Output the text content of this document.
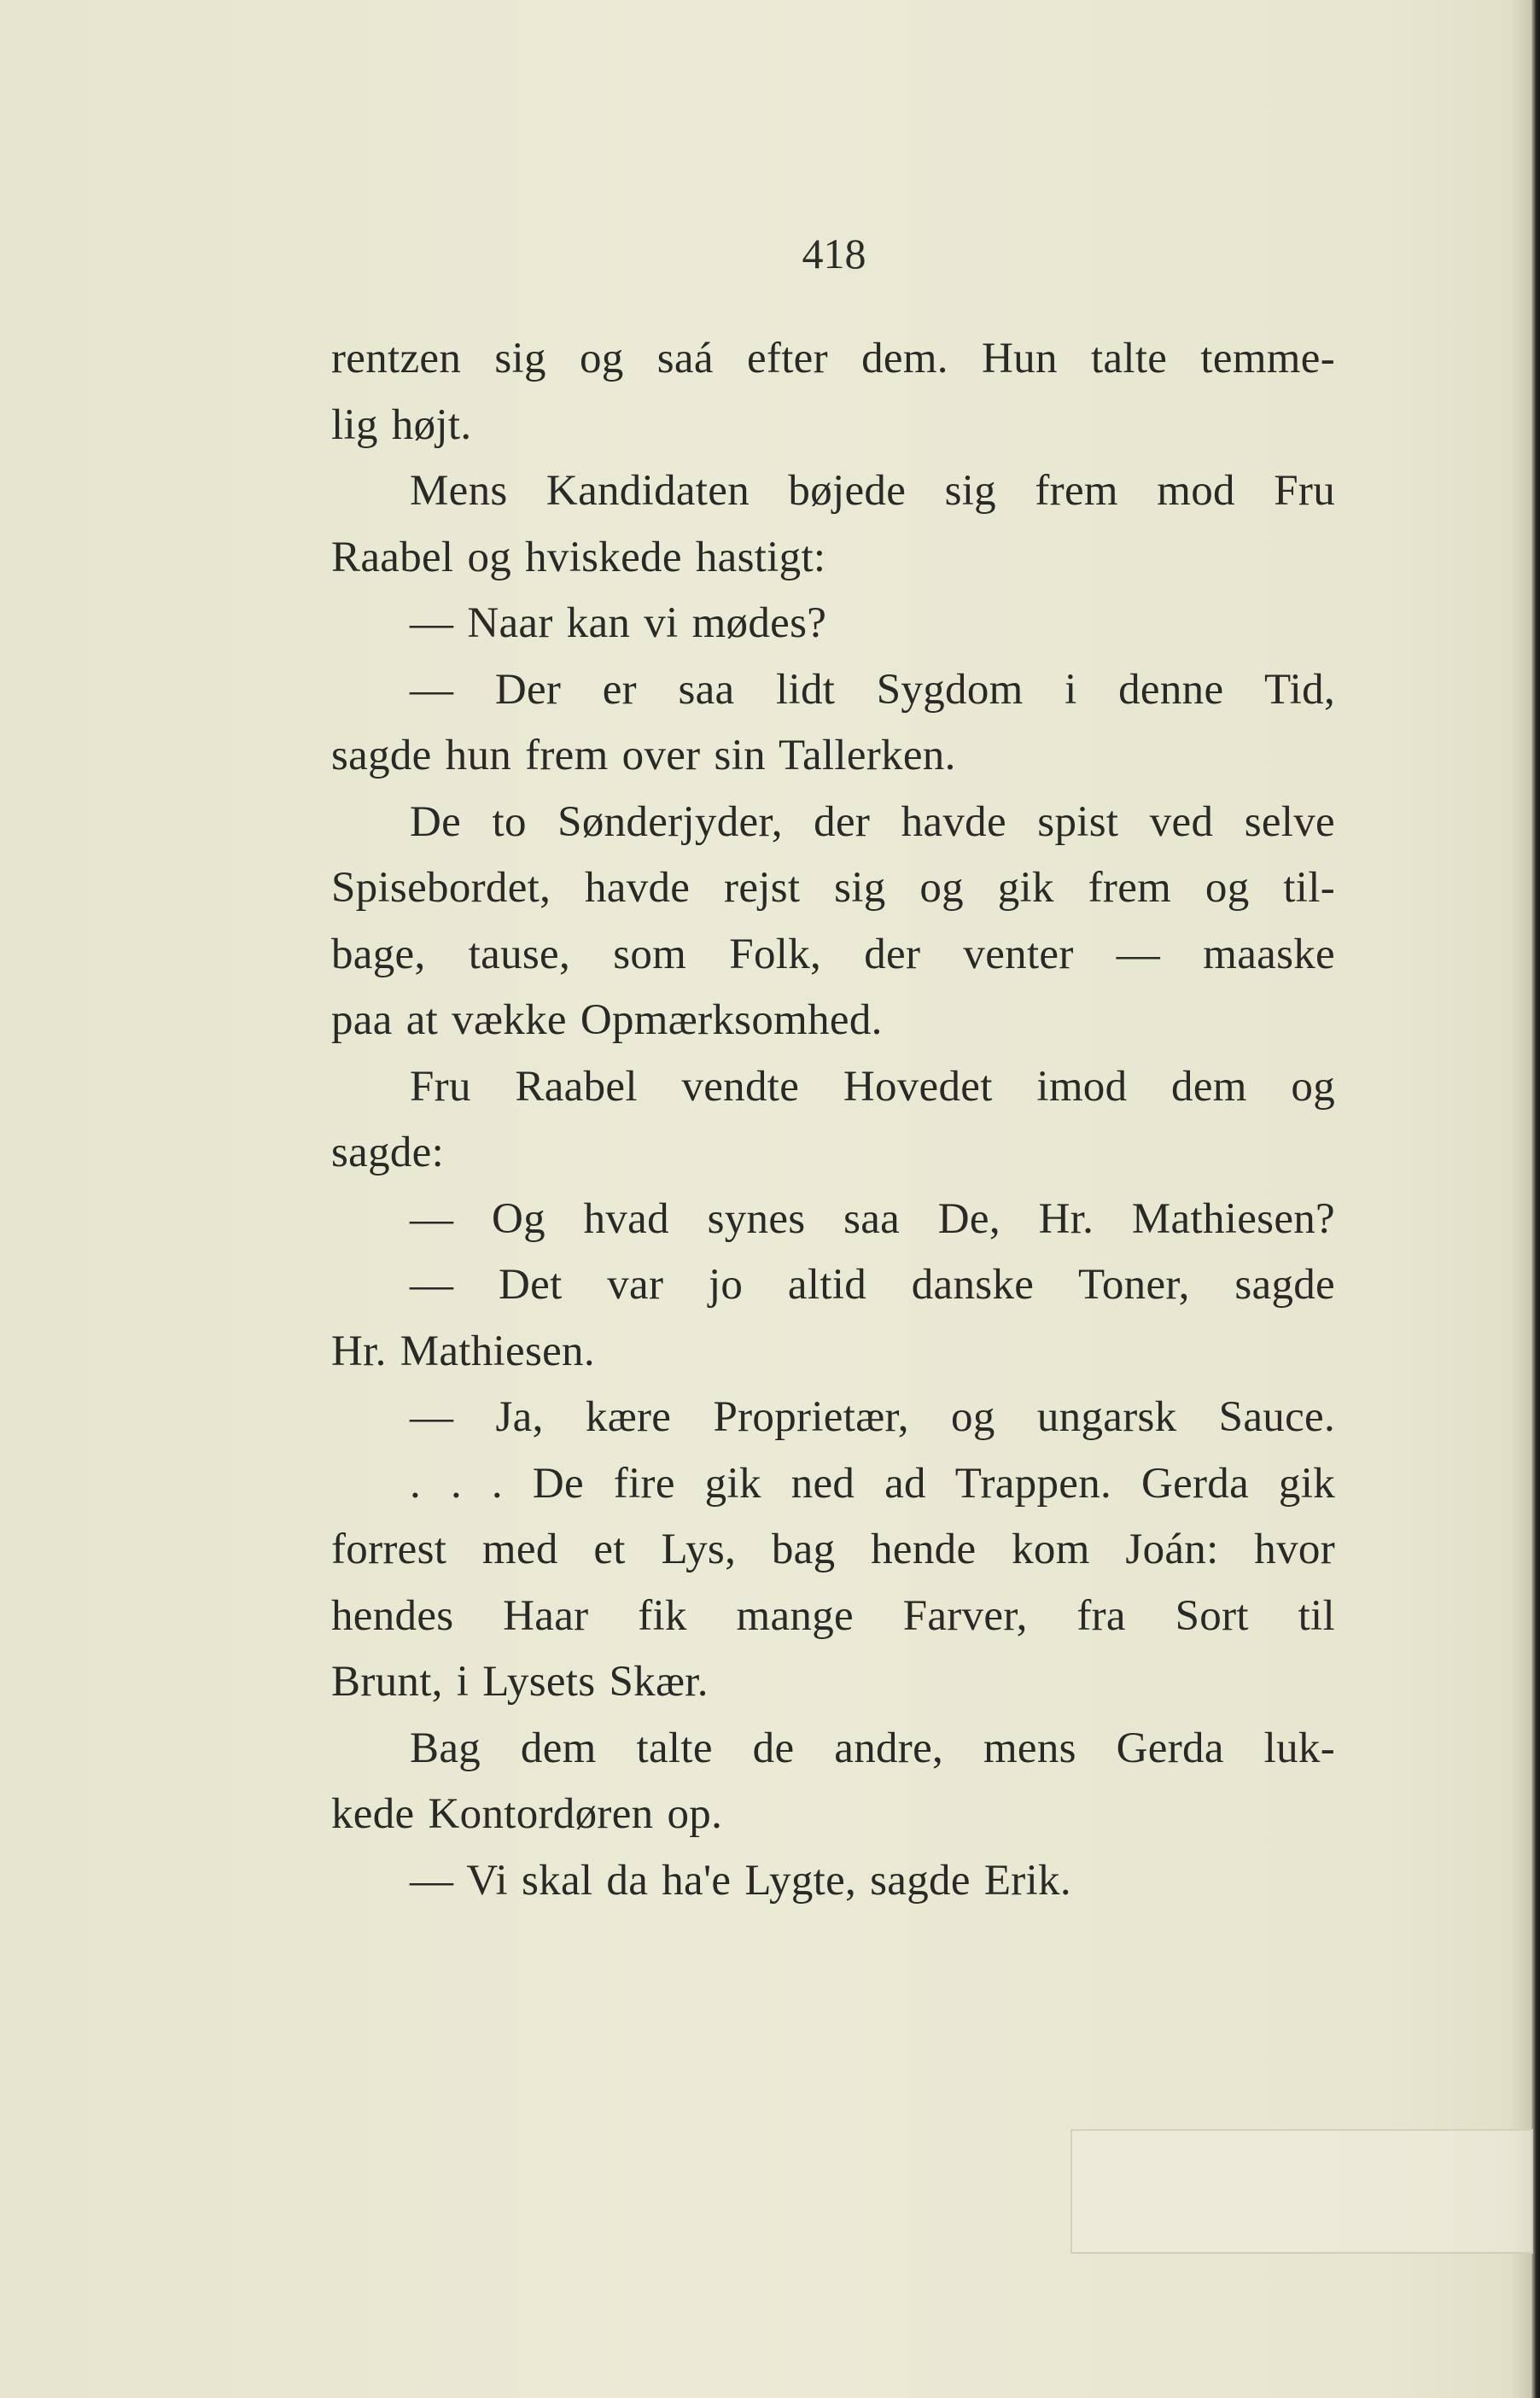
418
rentzen sig og saá efter dem. Hun talte temme-
lig højt.
Mens Kandidaten bøjede sig frem mod Fru
Raabel og hviskede hastigt:
— Naar kan vi mødes?
— Der er saa lidt Sygdom i denne Tid,
sagde hun frem over sin Tallerken.
De to Sønderjyder, der havde spist ved selve
Spisebordet, havde rejst sig og gik frem og til-
bage, tause, som Folk, der venter — maaske
paa at vække Opmærksomhed.
Fru Raabel vendte Hovedet imod dem og
sagde:
— Og hvad synes saa De, Hr. Mathiesen?
— Det var jo altid danske Toner, sagde
Hr. Mathiesen.
— Ja, kære Proprietær, og ungarsk Sauce.
. . . De fire gik ned ad Trappen. Gerda gik
forrest med et Lys, bag hende kom Joán: hvor
hendes Haar fik mange Farver, fra Sort til
Brunt, i Lysets Skær.
Bag dem talte de andre, mens Gerda luk-
kede Kontordøren op.
— Vi skal da ha'e Lygte, sagde Erik.
